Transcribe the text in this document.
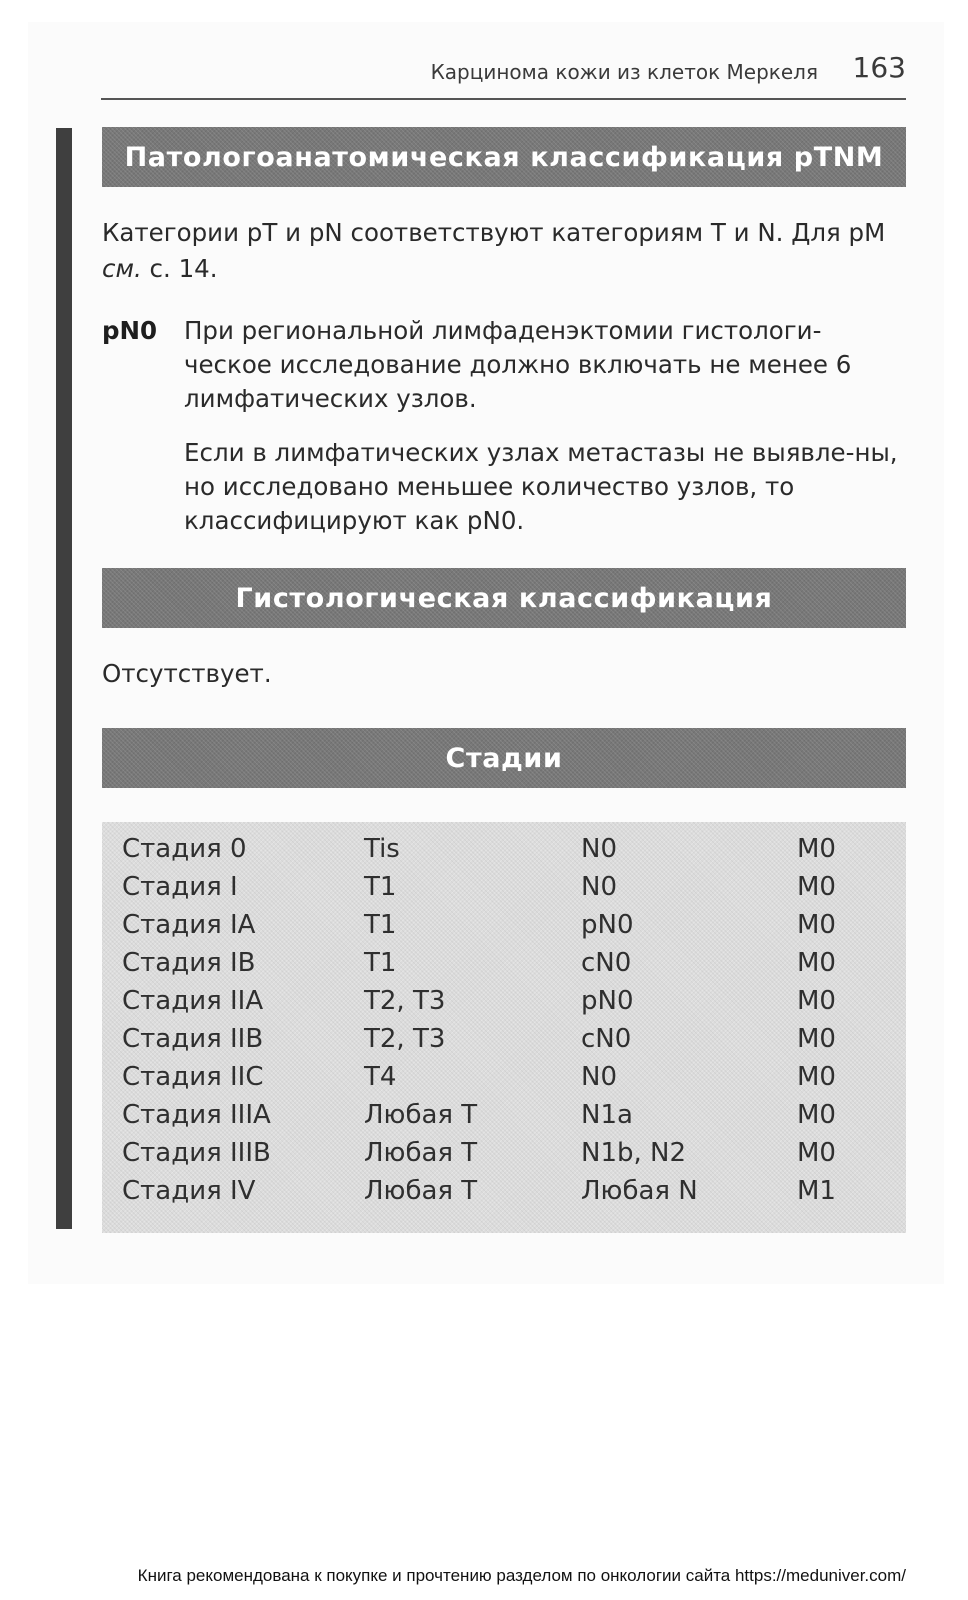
Карцинома кожи из клеток Меркеля 163
Патологоанатомическая классификация pTNM

Категории pT и pN соответствуют категориям T и N. Для pM см. с. 14.

pN0 При региональной лимфаденэктомии гистологи-ческое исследование должно включать не менее 6 лимфатических узлов.

Если в лимфатических узлах метастазы не выявле-ны, но исследовано меньшее количество узлов, то классифицируют как pN0.

Гистологическая классификация

Отсутствует.

Стадии
Стадия 0	Tis	N0	M0
Стадия I	T1	N0	M0
Стадия IA	T1	pN0	M0
Стадия IB	T1	cN0	M0
Стадия IIA	T2, T3	pN0	M0
Стадия IIB	T2, T3	cN0	M0
Стадия IIC	T4	N0	M0
Стадия IIIA	Любая T	N1a	M0
Стадия IIIB	Любая T	N1b, N2	M0
Стадия IV	Любая T	Любая N	M1
Книга рекомендована к покупке и прочтению разделом по онкологии сайта https://meduniver.com/
